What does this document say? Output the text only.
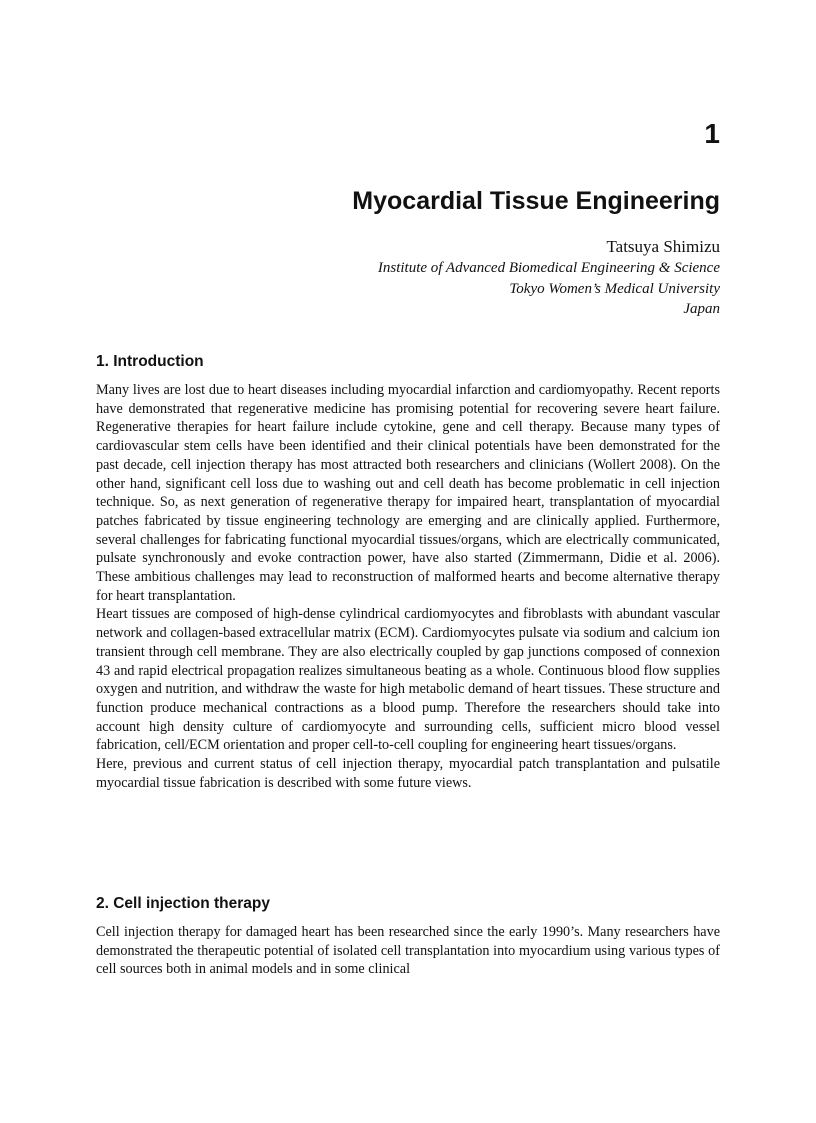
1
Myocardial Tissue Engineering
Tatsuya Shimizu
Institute of Advanced Biomedical Engineering & Science
Tokyo Women’s Medical University
Japan
1. Introduction

Many lives are lost due to heart diseases including myocardial infarction and cardiomyopathy. Recent reports have demonstrated that regenerative medicine has promising potential for recovering severe heart failure. Regenerative therapies for heart failure include cytokine, gene and cell therapy. Because many types of cardiovascular stem cells have been identified and their clinical potentials have been demonstrated for the past decade, cell injection therapy has most attracted both researchers and clinicians (Wollert 2008). On the other hand, significant cell loss due to washing out and cell death has become problematic in cell injection technique. So, as next generation of regenerative therapy for impaired heart, transplantation of myocardial patches fabricated by tissue engineering technology are emerging and are clinically applied. Furthermore, several challenges for fabricating functional myocardial tissues/organs, which are electrically communicated, pulsate synchronously and evoke contraction power, have also started (Zimmermann, Didie et al. 2006). These ambitious challenges may lead to reconstruction of malformed hearts and become alternative therapy for heart transplantation.

Heart tissues are composed of high-dense cylindrical cardiomyocytes and fibroblasts with abundant vascular network and collagen-based extracellular matrix (ECM). Cardiomyocytes pulsate via sodium and calcium ion transient through cell membrane. They are also electrically coupled by gap junctions composed of connexion 43 and rapid electrical propagation realizes simultaneous beating as a whole. Continuous blood flow supplies oxygen and nutrition, and withdraw the waste for high metabolic demand of heart tissues. These structure and function produce mechanical contractions as a blood pump. Therefore the researchers should take into account high density culture of cardiomyocyte and surrounding cells, sufficient micro blood vessel fabrication, cell/ECM orientation and proper cell-to-cell coupling for engineering heart tissues/organs.

Here, previous and current status of cell injection therapy, myocardial patch transplantation and pulsatile myocardial tissue fabrication is described with some future views.

2. Cell injection therapy

Cell injection therapy for damaged heart has been researched since the early 1990’s. Many researchers have demonstrated the therapeutic potential of isolated cell transplantation into myocardium using various types of cell sources both in animal models and in some clinical
